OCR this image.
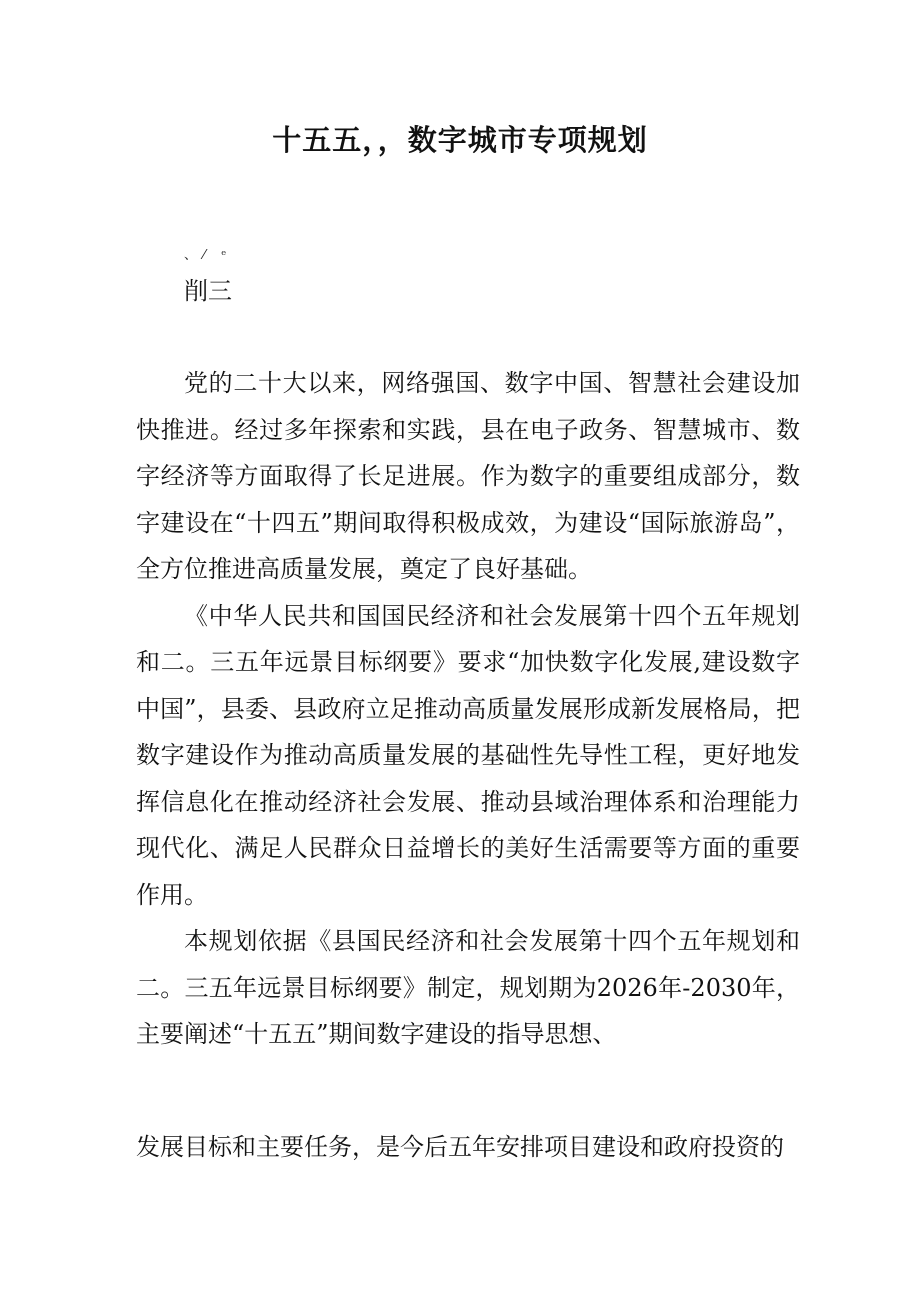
十五五，，数字城市专项规划
、⁄ ᵉ
削三

党的二十大以来，网络强国、数字中国、智慧社会建设加快推进。经过多年探索和实践，县在电子政务、智慧城市、数字经济等方面取得了长足进展。作为数字的重要组成部分，数字建设在“十四五”期间取得积极成效，为建设“国际旅游岛”，全方位推进高质量发展，奠定了良好基础。

《中华人民共和国国民经济和社会发展第十四个五年规划和二。三五年远景目标纲要》要求“加快数字化发展,建设数字中国”，县委、县政府立足推动高质量发展形成新发展格局，把数字建设作为推动高质量发展的基础性先导性工程，更好地发挥信息化在推动经济社会发展、推动县域治理体系和治理能力现代化、满足人民群众日益增长的美好生活需要等方面的重要作用。

本规划依据《县国民经济和社会发展第十四个五年规划和二。三五年远景目标纲要》制定，规划期为2026年-2030年，主要阐述“十五五”期间数字建设的指导思想、

发展目标和主要任务，是今后五年安排项目建设和政府投资的
